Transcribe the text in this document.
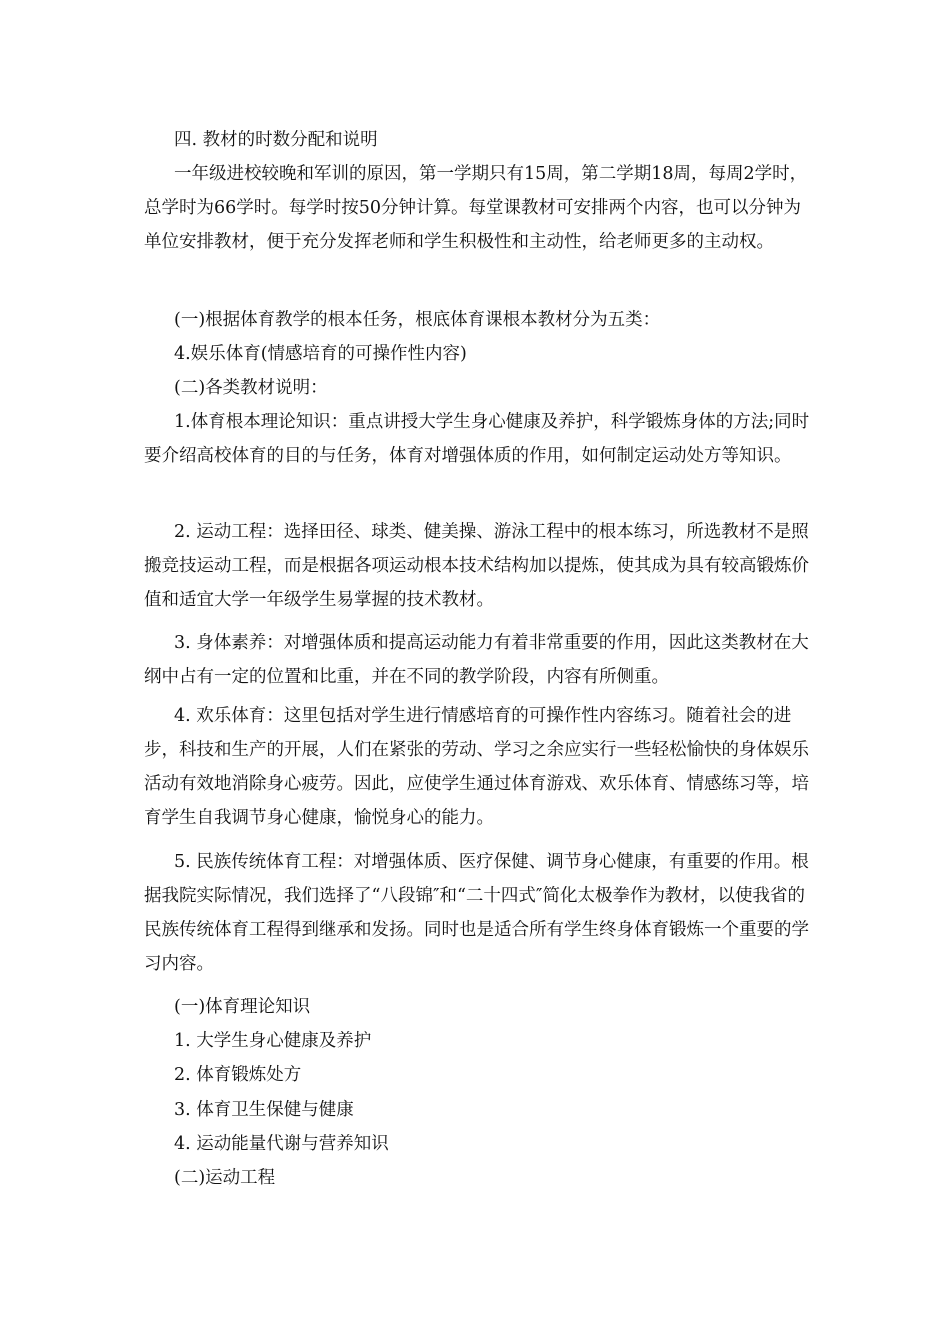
四. 教材的时数分配和说明

一年级进校较晚和军训的原因，第一学期只有15周，第二学期18周，每周2学时，总学时为66学时。每学时按50分钟计算。每堂课教材可安排两个内容，也可以分钟为单位安排教材，便于充分发挥老师和学生积极性和主动性，给老师更多的主动权。

(一)根据体育教学的根本任务，根底体育课根本教材分为五类：

4.娱乐体育(情感培育的可操作性内容)

(二)各类教材说明：

1.体育根本理论知识：重点讲授大学生身心健康及养护，科学锻炼身体的方法;同时要介绍高校体育的目的与任务，体育对增强体质的作用，如何制定运动处方等知识。

2. 运动工程：选择田径、球类、健美操、游泳工程中的根本练习，所选教材不是照搬竞技运动工程，而是根据各项运动根本技术结构加以提炼，使其成为具有较高锻炼价值和适宜大学一年级学生易掌握的技术教材。

3. 身体素养：对增强体质和提高运动能力有着非常重要的作用，因此这类教材在大纲中占有一定的位置和比重，并在不同的教学阶段，内容有所侧重。

4. 欢乐体育：这里包括对学生进行情感培育的可操作性内容练习。随着社会的进步，科技和生产的开展，人们在紧张的劳动、学习之余应实行一些轻松愉快的身体娱乐活动有效地消除身心疲劳。因此，应使学生通过体育游戏、欢乐体育、情感练习等，培育学生自我调节身心健康，愉悦身心的能力。

5. 民族传统体育工程：对增强体质、医疗保健、调节身心健康，有重要的作用。根据我院实际情况，我们选择了“八段锦″和“二十四式″简化太极拳作为教材，以使我省的民族传统体育工程得到继承和发扬。同时也是适合所有学生终身体育锻炼一个重要的学习内容。

(一)体育理论知识

1. 大学生身心健康及养护

2. 体育锻炼处方

3. 体育卫生保健与健康

4. 运动能量代谢与营养知识

(二)运动工程
